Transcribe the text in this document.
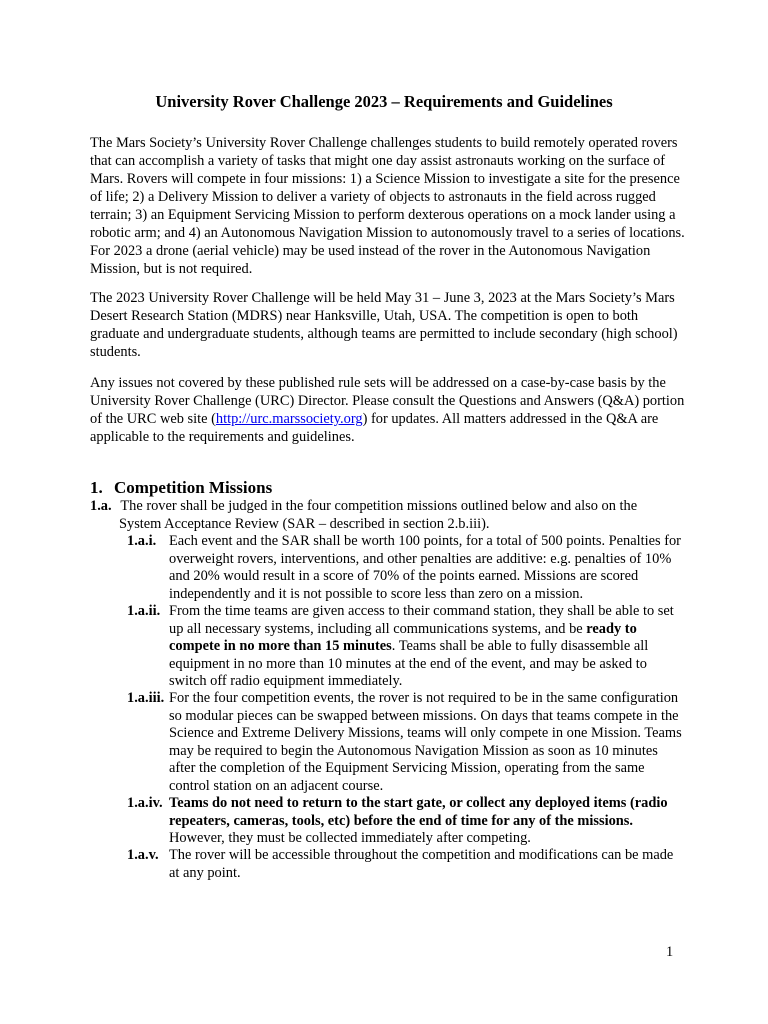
University Rover Challenge 2023 – Requirements and Guidelines

The Mars Society’s University Rover Challenge challenges students to build remotely operated rovers that can accomplish a variety of tasks that might one day assist astronauts working on the surface of Mars. Rovers will compete in four missions: 1) a Science Mission to investigate a site for the presence of life; 2) a Delivery Mission to deliver a variety of objects to astronauts in the field across rugged terrain; 3) an Equipment Servicing Mission to perform dexterous operations on a mock lander using a robotic arm; and 4) an Autonomous Navigation Mission to autonomously travel to a series of locations. For 2023 a drone (aerial vehicle) may be used instead of the rover in the Autonomous Navigation Mission, but is not required.

The 2023 University Rover Challenge will be held May 31 – June 3, 2023 at the Mars Society’s Mars Desert Research Station (MDRS) near Hanksville, Utah, USA. The competition is open to both graduate and undergraduate students, although teams are permitted to include secondary (high school) students.

Any issues not covered by these published rule sets will be addressed on a case-by-case basis by the University Rover Challenge (URC) Director. Please consult the Questions and Answers (Q&A) portion of the URC web site (http://urc.marssociety.org) for updates. All matters addressed in the Q&A are applicable to the requirements and guidelines.

1. Competition Missions
1.a. The rover shall be judged in the four competition missions outlined below and also on the
System Acceptance Review (SAR – described in section 2.b.iii).
1.a.i. Each event and the SAR shall be worth 100 points, for a total of 500 points. Penalties for overweight rovers, interventions, and other penalties are additive: e.g. penalties of 10% and 20% would result in a score of 70% of the points earned. Missions are scored independently and it is not possible to score less than zero on a mission.
1.a.ii. From the time teams are given access to their command station, they shall be able to set up all necessary systems, including all communications systems, and be ready to compete in no more than 15 minutes. Teams shall be able to fully disassemble all equipment in no more than 10 minutes at the end of the event, and may be asked to switch off radio equipment immediately.
1.a.iii. For the four competition events, the rover is not required to be in the same configuration so modular pieces can be swapped between missions. On days that teams compete in the Science and Extreme Delivery Missions, teams will only compete in one Mission. Teams may be required to begin the Autonomous Navigation Mission as soon as 10 minutes after the completion of the Equipment Servicing Mission, operating from the same control station on an adjacent course.
1.a.iv. Teams do not need to return to the start gate, or collect any deployed items (radio repeaters, cameras, tools, etc) before the end of time for any of the missions. However, they must be collected immediately after competing.
1.a.v. The rover will be accessible throughout the competition and modifications can be made at any point.
1
